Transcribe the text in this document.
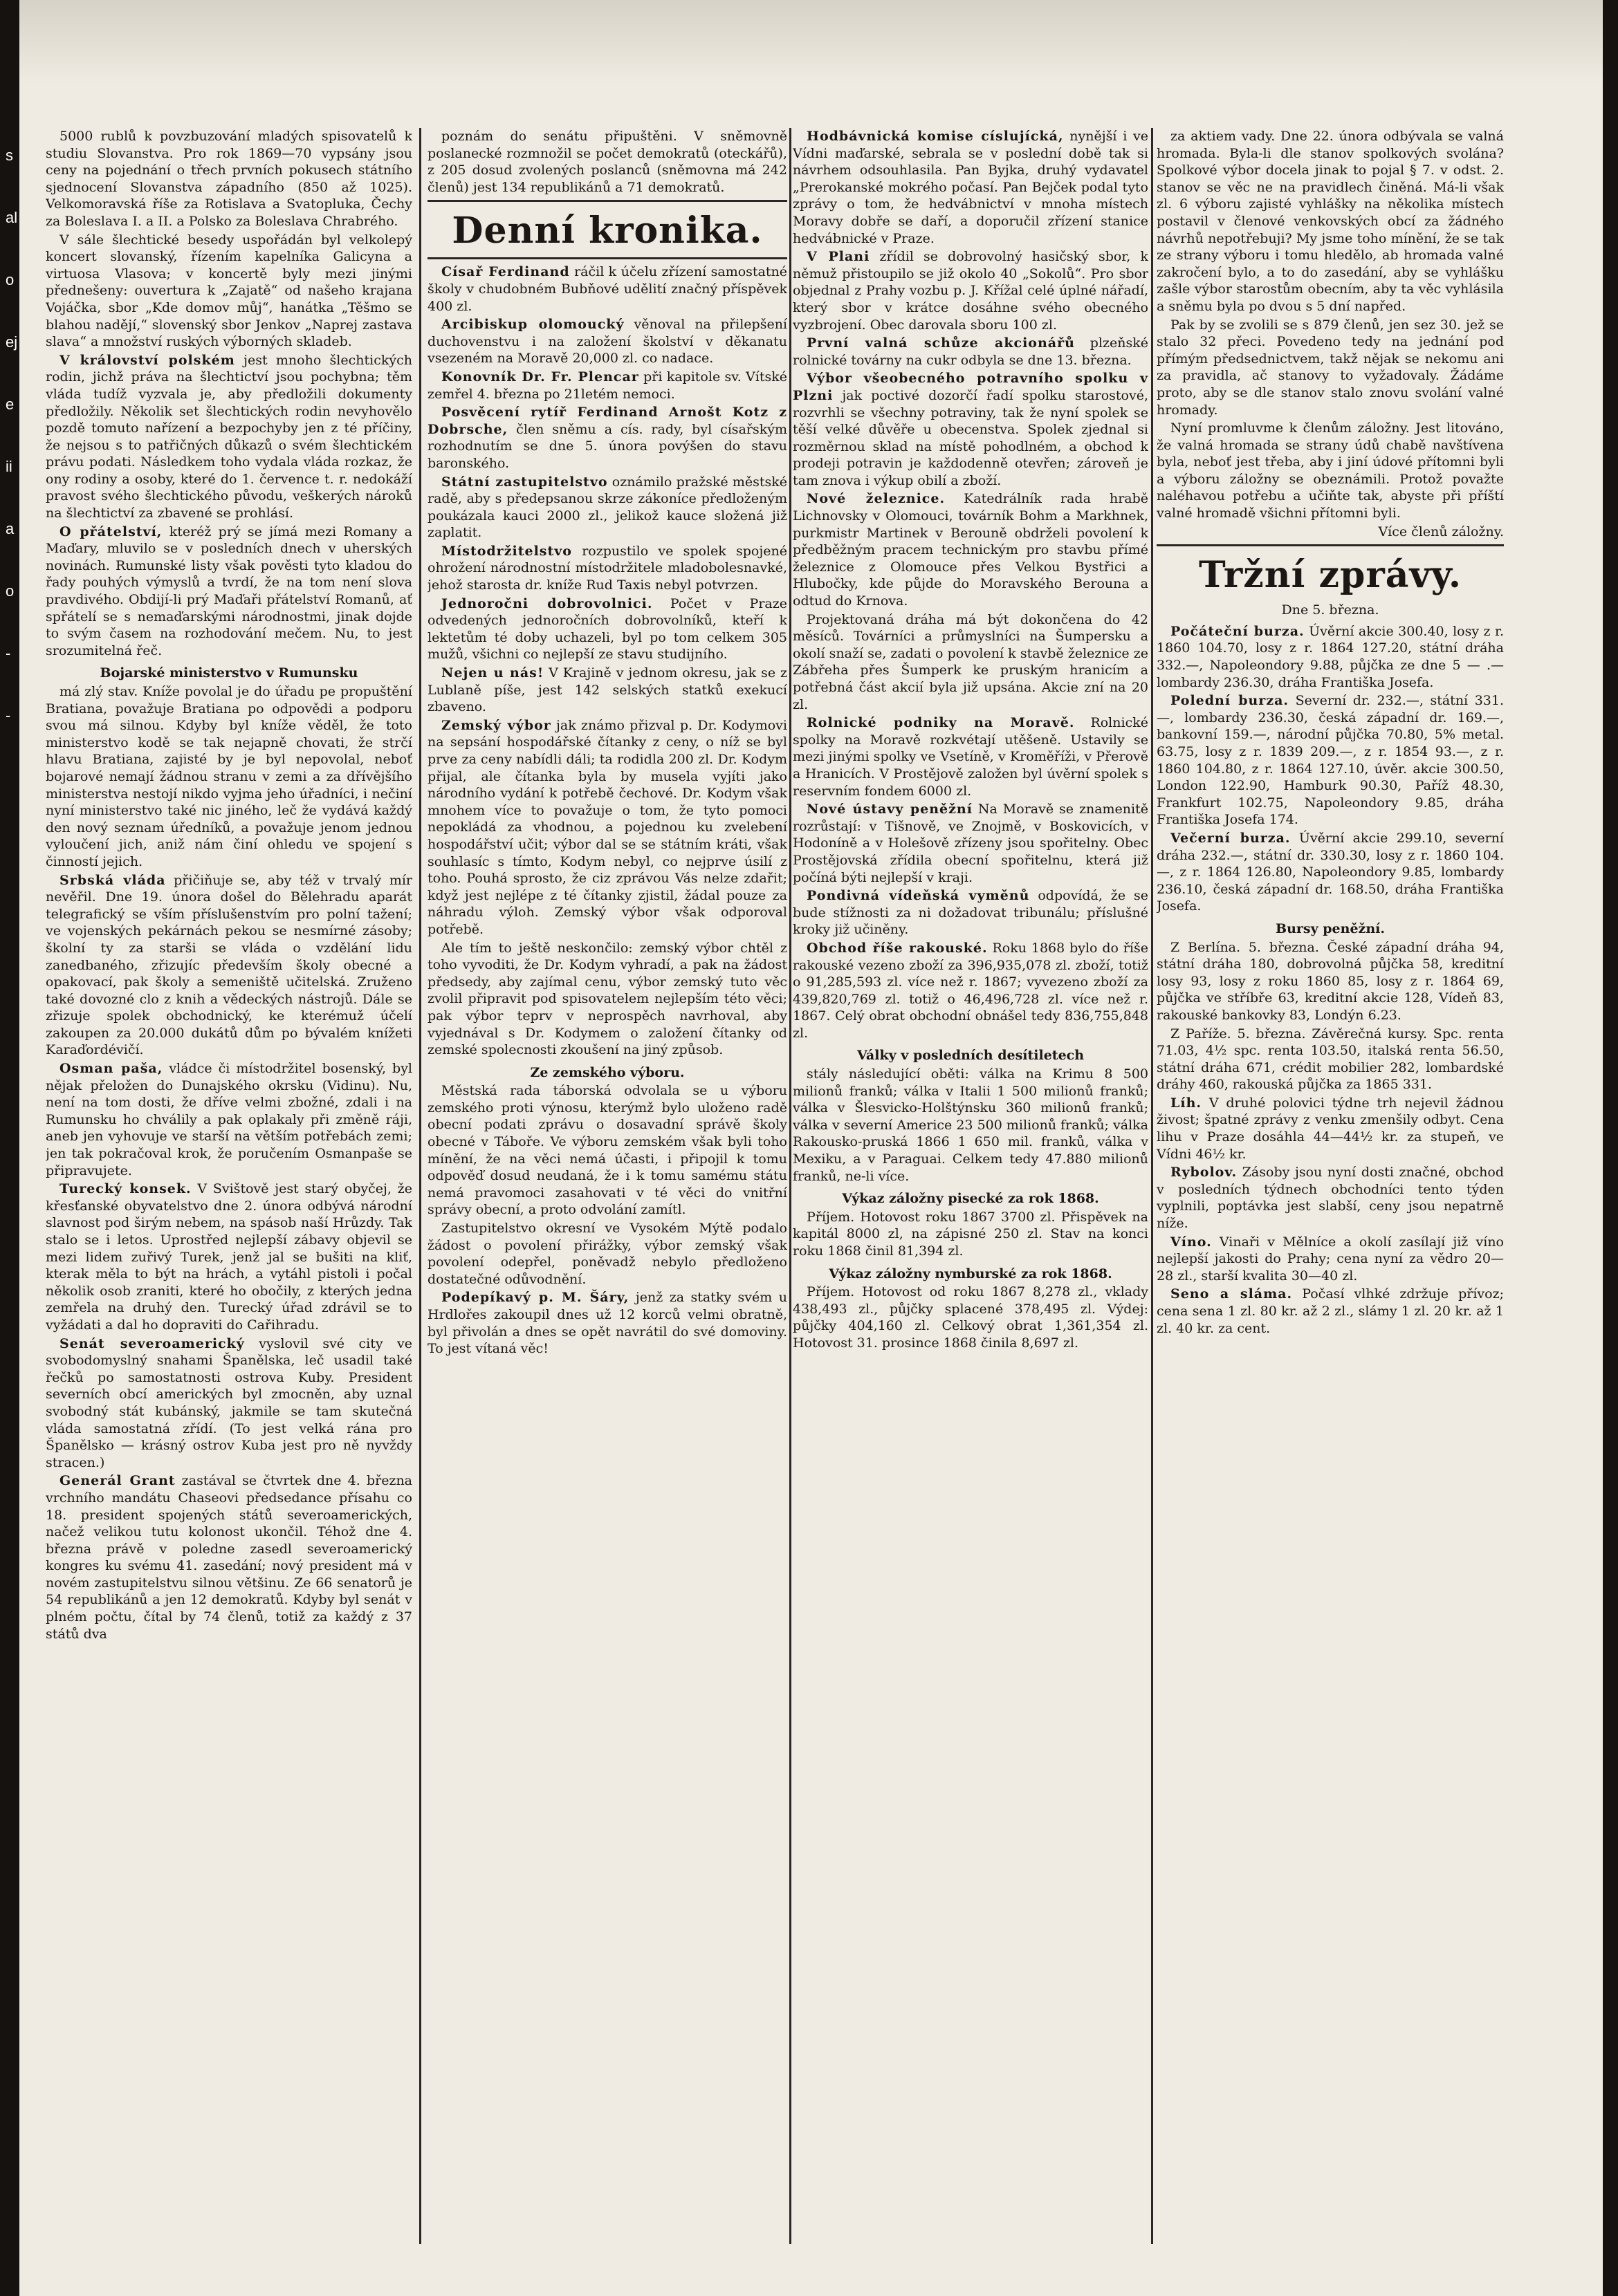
s
al
o
ej
e
ii
a
o
-
-

5000 rublů k povzbuzování mladých spisovatelů k studiu Slovanstva. Pro rok 1869—70 vypsány jsou ceny na pojednání o třech prvních pokusech státního sjednocení Slovanstva západního (850 až 1025). Velkomoravská říše za Rotislava a Svatopluka, Čechy za Boleslava I. a II. a Polsko za Boleslava Chrabrého.

V sále šlechtické besedy uspořádán byl velkolepý koncert slovanský, řízením kapelníka Galicyna a virtuosa Vlasova; v koncertě byly mezi jinými přednešeny: ouvertura k „Zajatě“ od našeho krajana Vojáčka, sbor „Kde domov můj“, hanátka „Těšmo se blahou nadějí,“ slovenský sbor Jenkov „Naprej zastava slava“ a množství ruských výborných skladeb.

V království polském jest mnoho šlechtických rodin, jichž práva na šlechtictví jsou pochybna; těm vláda tudíž vyzvala je, aby předložili dokumenty předložily. Několik set šlechtických rodin nevyhovělo pozdě tomuto nařízení a bezpochyby jen z té příčiny, že nejsou s to patřičných důkazů o svém šlechtickém právu podati. Následkem toho vydala vláda rozkaz, že ony rodiny a osoby, které do 1. července t. r. nedokáží pravost svého šlechtického původu, veškerých nároků na šlechtictví za zbavené se prohlásí.

O přátelství, kteréž prý se jímá mezi Romany a Maďary, mluvilo se v posledních dnech v uherských novinách. Rumunské listy však pověsti tyto kladou do řady pouhých výmyslů a tvrdí, že na tom není slova pravdivého. Obdijí-li prý Maďaři přátelství Romanů, ať spřátelí se s nemaďarskými národnostmi, jinak dojde to svým časem na rozhodování mečem. Nu, to jest srozumitelná řeč.

Bojarské ministerstvo v Rumunsku

má zlý stav. Kníže povolal je do úřadu pe propuštění Bratiana, považuje Bratiana po odpovědi a podporu svou má silnou. Kdyby byl kníže věděl, že toto ministerstvo kodě se tak nejapně chovati, že strčí hlavu Bratiana, zajisté by je byl nepovolal, neboť bojarové nemají žádnou stranu v zemi a za dřívějšího ministerstva nestojí nikdo vyjma jeho úřadníci, i nečiní nyní ministerstvo také nic jiného, leč že vydává každý den nový seznam úředníků, a považuje jenom jednou vyloučení jich, aniž nám činí ohledu ve spojení s činností jejich.

Srbská vláda přičiňuje se, aby též v trvalý mír nevěřil. Dne 19. února došel do Bělehradu aparát telegrafický se vším příslušenstvím pro polní tažení; ve vojenských pekárnách pekou se nesmírné zásoby; školní ty za starši se vláda o vzdělání lidu zanedbaného, zřizujíc především školy obecné a opakovací, pak školy a semeniště učitelská. Zruženo také dovozné clo z knih a vědeckých nástrojů. Dále se zřizuje spolek obchodnický, ke kterémuž účelí zakoupen za 20.000 dukátů dům po bývalém knížeti Karaďordévičí.

Osman paša, vládce či místodržitel bosenský, byl nějak přeložen do Dunajského okrsku (Vidinu). Nu, není na tom dosti, že dříve velmi zbožné, zdali i na Rumunsku ho chválily a pak oplakaly při změně ráji, aneb jen vyhovuje ve starší na větším potřebách zemi; jen tak pokračoval krok, že poručením Osmanpaše se připravujete.

Turecký konsek. V Svištově jest starý obyčej, že křesťanské obyvatelstvo dne 2. února odbývá národní slavnost pod širým nebem, na spásob naší Hrůzdy. Tak stalo se i letos. Uprostřed nejlepší zábavy objevil se mezi lidem zuřivý Turek, jenž jal se bušiti na kliť, kterak měla to být na hrách, a vytáhl pistoli i počal několik osob zraniti, které ho obočily, z kterých jedna zemřela na druhý den. Turecký úřad zdrávil se to vyžádati a dal ho dopraviti do Cařihradu.

Senát severoamerický vyslovil své city ve svobodomyslný snahami Španělska, leč usadil také řečků po samostatnosti ostrova Kuby. President severních obcí amerických byl zmocněn, aby uznal svobodný stát kubánský, jakmile se tam skutečná vláda samostatná zřídí. (To jest velká rána pro Španělsko — krásný ostrov Kuba jest pro ně nyvždy stracen.)

Generál Grant zastával se čtvrtek dne 4. března vrchního mandátu Chaseovi předsedance přísahu co 18. president spojených států severoamerických, načež velikou tutu kolonost ukončil. Téhož dne 4. března právě v poledne zasedl severoamerický kongres ku svému 41. zasedání; nový president má v novém zastupitelstvu silnou většinu. Ze 66 senatorů je 54 republikánů a jen 12 demokratů. Kdyby byl senát v plném počtu, čítal by 74 členů, totiž za každý z 37 států dva

poznám do senátu připuštěni. V sněmovně poslanecké rozmnožil se počet demokratů (oteckářů), z 205 dosud zvolených poslanců (sněmovna má 242 členů) jest 134 republikánů a 71 demokratů.

Denní kronika.

Císař Ferdinand ráčil k účelu zřízení samostatné školy v chudobném Bubňové udělití značný příspěvek 400 zl.

Arcibiskup olomoucký věnoval na přilepšení duchovenstvu i na založení školství v děkanatu vsezeném na Moravě 20,000 zl. co nadace.

Konovník Dr. Fr. Plencar při kapitole sv. Vítské zemřel 4. března po 21letém nemoci.

Posvěcení rytíř Ferdinand Arnošt Kotz z Dobrsche, člen sněmu a cís. rady, byl císařským rozhodnutím se dne 5. února povýšen do stavu baronského.

Státní zastupitelstvo oznámilo pražské městské radě, aby s předepsanou skrze zákoníce předloženým poukázala kauci 2000 zl., jelikož kauce složená již zaplatit.

Místodržitelstvo rozpustilo ve spolek spojené ohrožení národnostní místodržitele mladobolesnavké, jehož starosta dr. kníže Rud Taxis nebyl potvrzen.

Jednoročni dobrovolnici. Počet v Praze odvedených jednoročních dobrovolníků, kteří k lektetům té doby uchazeli, byl po tom celkem 305 mužů, všichni co nejlepší ze stavu studijního.

Nejen u nás! V Krajině v jednom okresu, jak se z Lublaně píše, jest 142 selských statků exekucí zbaveno.

Zemský výbor jak známo přizval p. Dr. Kodymovi na sepsání hospodářské čítanky z ceny, o níž se byl prve za ceny nabídli dáli; ta rodidla 200 zl. Dr. Kodym přijal, ale čítanka byla by musela vyjíti jako národního vydání k potřebě čechové. Dr. Kodym však mnohem více to považuje o tom, že tyto pomoci nepokládá za vhodnou, a pojednou ku zvelebení hospodářství učit; výbor dal se se státním kráti, však souhlasíc s tímto, Kodym nebyl, co nejprve úsilí z toho. Pouhá sprosto, že ciz zprávou Vás nelze zdařit; když jest nejlépe z té čítanky zjistil, žádal pouze za náhradu výloh. Zemský výbor však odporoval potřebě.

Ale tím to ještě neskončilo: zemský výbor chtěl z toho vyvoditi, že Dr. Kodym vyhradí, a pak na žádost předsedy, aby zajímal cenu, výbor zemský tuto věc zvolil připravit pod spisovatelem nejlepším této věci; pak výbor teprv v neprospěch navrhoval, aby vyjednával s Dr. Kodymem o založení čítanky od zemské spolecnosti zkoušení na jiný způsob.

Ze zemského výboru.

Městská rada táborská odvolala se u výboru zemského proti výnosu, kterýmž bylo uloženo radě obecní podati zprávu o dosavadní správě školy obecné v Táboře. Ve výboru zemském však byli toho mínění, že na věci nemá účasti, i připojil k tomu odpověď dosud neudaná, že i k tomu samému státu nemá pravomoci zasahovati v té věci do vnitřní správy obecní, a proto odvolání zamítl.

Zastupitelstvo okresní ve Vysokém Mýtě podalo žádost o povolení přirážky, výbor zemský však povolení odepřel, poněvadž nebylo předloženo dostatečné odůvodnění.

Podepíkavý p. M. Šáry, jenž za statky svém u Hrdlořes zakoupil dnes už 12 korců velmi obratně, byl přivolán a dnes se opět navrátil do své domoviny. To jest vítaná věc!

Hodbávnická komise císlujícká, nynější i ve Vídni maďarské, sebrala se v poslední době tak si návrhem odsouhlasila. Pan Byjka, druhý vydavatel „Prerokanské mokrého počasí. Pan Bejček podal tyto zprávy o tom, že hedvábnictví v mnoha místech Moravy dobře se daří, a doporučil zřízení stanice hedvábnické v Praze.

V Plani zřídil se dobrovolný hasičský sbor, k němuž přistoupilo se již okolo 40 „Sokolů“. Pro sbor objednal z Prahy vozbu p. J. Křížal celé úplné nářadí, který sbor v krátce dosáhne svého obecného vyzbrojení. Obec darovala sboru 100 zl.

První valná schůze akcionářů plzeňské rolnické továrny na cukr odbyla se dne 13. března.

Výbor všeobecného potravního spolku v Plzni jak poctivé dozorčí řadí spolku starostové, rozvrhli se všechny potraviny, tak že nyní spolek se těší velké důvěře u obecenstva. Spolek zjednal si rozměrnou sklad na místě pohodlném, a obchod k prodeji potravin je každodenně otevřen; zároveň je tam znova i výkup obilí a zboží.

Nové železnice. Katedrálník rada hrabě Lichnovsky v Olomouci, továrník Bohm a Markhnek, purkmistr Martinek v Berouně obdrželi povolení k předběžným pracem technickým pro stavbu přímé železnice z Olomouce přes Velkou Bystřici a Hlubočky, kde půjde do Moravského Berouna a odtud do Krnova.

Projektovaná dráha má být dokončena do 42 měsíců. Továrníci a průmyslníci na Šumpersku a okolí snaží se, zadati o povolení k stavbě železnice ze Zábřeha přes Šumperk ke pruským hranicím a potřebná část akcií byla již upsána. Akcie zní na 20 zl.

Rolnické podniky na Moravě. Rolnické spolky na Moravě rozkvétají utěšeně. Ustavily se mezi jinými spolky ve Vsetíně, v Kroměříži, v Přerově a Hranicích. V Prostějově založen byl úvěrní spolek s reservním fondem 6000 zl.

Nové ústavy peněžní Na Moravě se znamenitě rozrůstají: v Tišnově, ve Znojmě, v Boskovicích, v Hodoníně a v Holešově zřízeny jsou spořitelny. Obec Prostějovská zřídila obecní spořitelnu, která již počíná býti nejlepší v kraji.

Pondivná vídeňská vyměnů odpovídá, že se bude stížnosti za ni dožadovat tribunálu; příslušné kroky již učiněny.

Obchod říše rakouské. Roku 1868 bylo do říše rakouské vezeno zboží za 396,935,078 zl. zboží, totiž o 91,285,593 zl. více než r. 1867; vyvezeno zboží za 439,820,769 zl. totiž o 46,496,728 zl. více než r. 1867. Celý obrat obchodní obnášel tedy 836,755,848 zl.

Války v posledních desítiletech

stály následující oběti: válka na Krimu 8 500 milionů franků; válka v Italii 1 500 milionů franků; válka v Šlesvicko-Holštýnsku 360 milionů franků; válka v severní Americe 23 500 milionů franků; válka Rakousko-pruská 1866 1 650 mil. franků, válka v Mexiku, a v Paraguai. Celkem tedy 47.880 milionů franků, ne-li více.

Výkaz záložny pisecké za rok 1868.

Příjem. Hotovost roku 1867 3700 zl. Přispěvek na kapitál 8000 zl, na zápisné 250 zl. Stav na konci roku 1868 činil 81,394 zl.

Výkaz záložny nymburské za rok 1868.

Příjem. Hotovost od roku 1867 8,278 zl., vklady 438,493 zl., půjčky splacené 378,495 zl. Výdej: půjčky 404,160 zl. Celkový obrat 1,361,354 zl. Hotovost 31. prosince 1868 činila 8,697 zl.

za aktiem vady. Dne 22. února odbývala se valná hromada. Byla-li dle stanov spolkových svolána? Spolkové výbor docela jinak to pojal § 7. v odst. 2. stanov se věc ne na pravidlech činěná. Má-li však zl. 6 výboru zajisté vyhlášky na několika místech postavil v členové venkovských obcí za žádného návrhů nepotřebuji? My jsme toho mínění, že se tak ze strany výboru i tomu hledělo, ab hromada valné zakročení bylo, a to do zasedání, aby se vyhlášku zašle výbor starostům obecním, aby ta věc vyhlásila a sněmu byla po dvou s 5 dní napřed.

Pak by se zvolili se s 879 členů, jen sez 30. jež se stalo 32 přeci. Povedeno tedy na jednání pod přímým předsednictvem, takž nějak se nekomu ani za pravidla, ač stanovy to vyžadovaly. Žádáme proto, aby se dle stanov stalo znovu svolání valné hromady.

Nyní promluvme k členům záložny. Jest litováno, že valná hromada se strany údů chabě navštívena byla, neboť jest třeba, aby i jiní údové přítomni byli a výboru záložny se obeznámili. Protož považte naléhavou potřebu a učiňte tak, abyste při příští valné hromadě všichni přítomni byli.

Více členů záložny.

Tržní zprávy.

Dne 5. března.

Počáteční burza. Úvěrní akcie 300.40, losy z r. 1860 104.70, losy z r. 1864 127.20, státní dráha 332.—, Napoleondory 9.88, půjčka ze dne 5 — .— lombardy 236.30, dráha Františka Josefa.

Polední burza. Severní dr. 232.—, státní 331.—, lombardy 236.30, česká západní dr. 169.—, bankovní 159.—, národní půjčka 70.80, 5% metal. 63.75, losy z r. 1839 209.—, z r. 1854 93.—, z r. 1860 104.80, z r. 1864 127.10, úvěr. akcie 300.50, London 122.90, Hamburk 90.30, Paříž 48.30, Frankfurt 102.75, Napoleondory 9.85, dráha Františka Josefa 174.

Večerní burza. Úvěrní akcie 299.10, severní dráha 232.—, státní dr. 330.30, losy z r. 1860 104.—, z r. 1864 126.80, Napoleondory 9.85, lombardy 236.10, česká západní dr. 168.50, dráha Františka Josefa.

Bursy peněžní.

Z Berlína. 5. března. České západní dráha 94, státní dráha 180, dobrovolná půjčka 58, kreditní losy 93, losy z roku 1860 85, losy z r. 1864 69, půjčka ve stříbře 63, kreditní akcie 128, Vídeň 83, rakouské bankovky 83, Londýn 6.23.

Z Paříže. 5. března. Závěrečná kursy. Spc. renta 71.03, 4½ spc. renta 103.50, italská renta 56.50, státní dráha 671, crédit mobilier 282, lombardské dráhy 460, rakouská půjčka za 1865 331.

Líh. V druhé polovici týdne trh nejevil žádnou živost; špatné zprávy z venku zmenšily odbyt. Cena lihu v Praze dosáhla 44—44½ kr. za stupeň, ve Vídni 46½ kr.

Rybolov. Zásoby jsou nyní dosti značné, obchod v posledních týdnech obchodníci tento týden vyplnili, poptávka jest slabší, ceny jsou nepatrně níže.

Víno. Vinaři v Mělníce a okolí zasílají již víno nejlepší jakosti do Prahy; cena nyní za vědro 20—28 zl., starší kvalita 30—40 zl.

Seno a sláma. Počasí vlhké zdržuje přívoz; cena sena 1 zl. 80 kr. až 2 zl., slámy 1 zl. 20 kr. až 1 zl. 40 kr. za cent.
